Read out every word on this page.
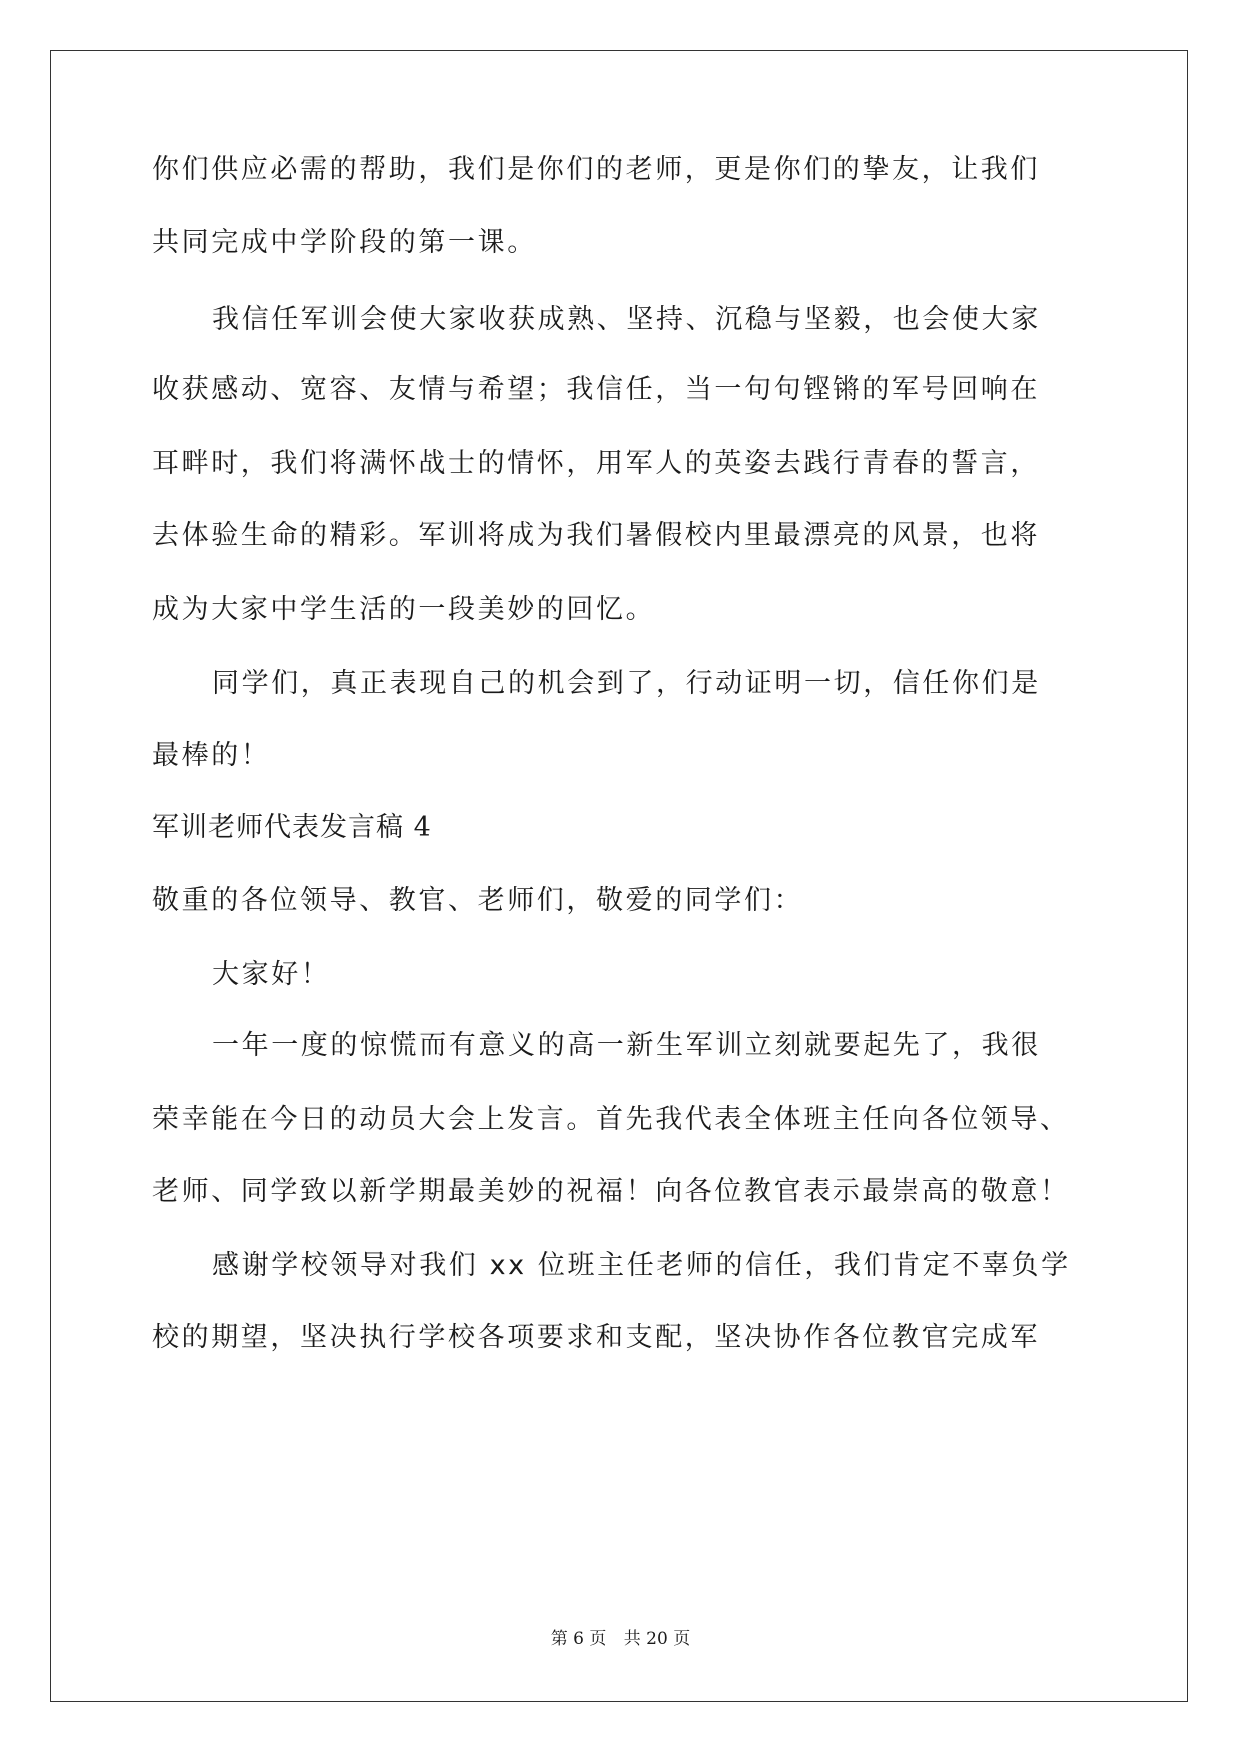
你们供应必需的帮助，我们是你们的老师，更是你们的挚友，让我们
共同完成中学阶段的第一课。
我信任军训会使大家收获成熟、坚持、沉稳与坚毅，也会使大家
收获感动、宽容、友情与希望；我信任，当一句句铿锵的军号回响在
耳畔时，我们将满怀战士的情怀，用军人的英姿去践行青春的誓言，
去体验生命的精彩。军训将成为我们暑假校内里最漂亮的风景，也将
成为大家中学生活的一段美妙的回忆。
同学们，真正表现自己的机会到了，行动证明一切，信任你们是
最棒的！
军训老师代表发言稿 4
敬重的各位领导、教官、老师们，敬爱的同学们：
大家好！
一年一度的惊慌而有意义的高一新生军训立刻就要起先了，我很
荣幸能在今日的动员大会上发言。首先我代表全体班主任向各位领导、
老师、同学致以新学期最美妙的祝福！向各位教官表示最崇高的敬意！
感谢学校领导对我们 xx 位班主任老师的信任，我们肯定不辜负学
校的期望，坚决执行学校各项要求和支配，坚决协作各位教官完成军
第 6 页 共 20 页
